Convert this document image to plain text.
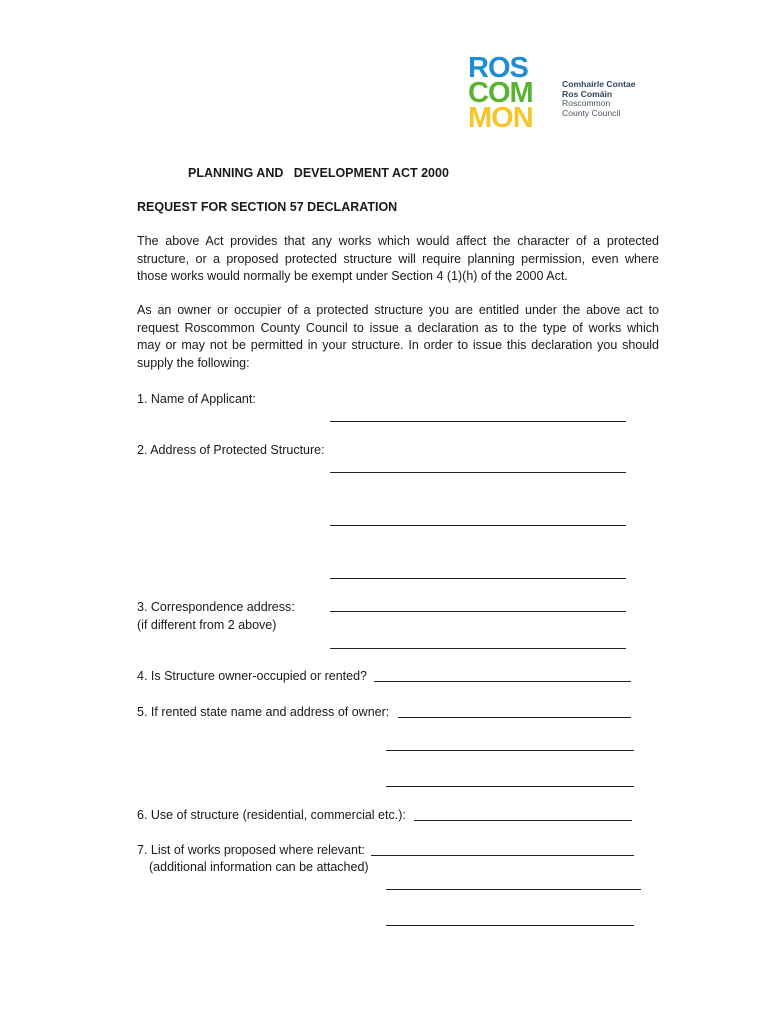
ROS
COM
MON
Comhairle Contae
Ros Comáin
Roscommon
County Council
PLANNING AND   DEVELOPMENT ACT 2000
REQUEST FOR SECTION 57 DECLARATION
The above Act provides that any works which would affect the character of a protected
structure, or a proposed protected structure will require planning permission, even where
those works would normally be exempt under Section 4 (1)(h) of the 2000 Act.
As an owner or occupier of a protected structure you are entitled under the above act to
request Roscommon County Council to issue a declaration as to the type of works which
may or may not be permitted in your structure. In order to issue this declaration you should
supply the following:
1. Name of Applicant:
2. Address of Protected Structure:
3. Correspondence address:
(if different from 2 above)
4. Is Structure owner-occupied or rented?
5. If rented state name and address of owner:
6. Use of structure (residential, commercial etc.):
7. List of works proposed where relevant:
(additional information can be attached)
